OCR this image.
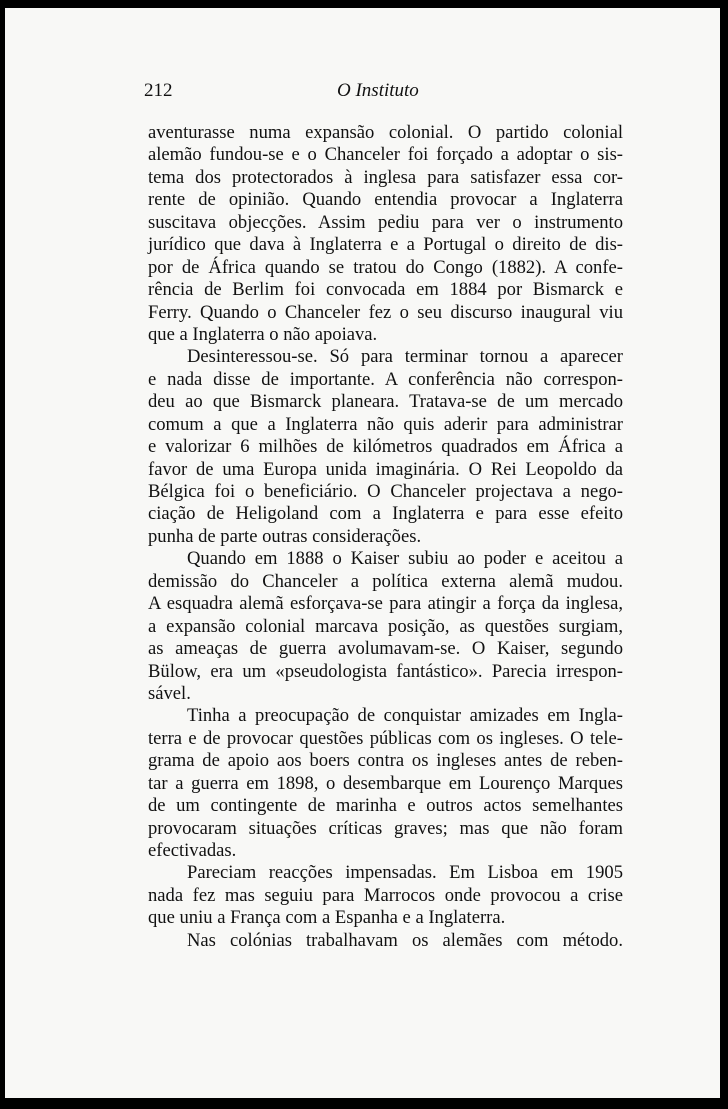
212	O Instituto
aventurasse numa expansão colonial. O partido colonial
alemão fundou-se e o Chanceler foi forçado a adoptar o sis-
tema dos protectorados à inglesa para satisfazer essa cor-
rente de opinião. Quando entendia provocar a Inglaterra
suscitava objecções. Assim pediu para ver o instrumento
jurídico que dava à Inglaterra e a Portugal o direito de dis-
por de África quando se tratou do Congo (1882). A confe-
rência de Berlim foi convocada em 1884 por Bismarck e
Ferry. Quando o Chanceler fez o seu discurso inaugural viu
que a Inglaterra o não apoiava.
Desinteressou-se. Só para terminar tornou a aparecer
e nada disse de importante. A conferência não correspon-
deu ao que Bismarck planeara. Tratava-se de um mercado
comum a que a Inglaterra não quis aderir para administrar
e valorizar 6 milhões de kilómetros quadrados em África a
favor de uma Europa unida imaginária. O Rei Leopoldo da
Bélgica foi o beneficiário. O Chanceler projectava a nego-
ciação de Heligoland com a Inglaterra e para esse efeito
punha de parte outras considerações.
Quando em 1888 o Kaiser subiu ao poder e aceitou a
demissão do Chanceler a política externa alemã mudou.
A esquadra alemã esforçava-se para atingir a força da inglesa,
a expansão colonial marcava posição, as questões surgiam,
as ameaças de guerra avolumavam-se. O Kaiser, segundo
Bülow, era um «pseudologista fantástico». Parecia irrespon-
sável.
Tinha a preocupação de conquistar amizades em Ingla-
terra e de provocar questões públicas com os ingleses. O tele-
grama de apoio aos boers contra os ingleses antes de reben-
tar a guerra em 1898, o desembarque em Lourenço Marques
de um contingente de marinha e outros actos semelhantes
provocaram situações críticas graves; mas que não foram
efectivadas.
Pareciam reacções impensadas. Em Lisboa em 1905
nada fez mas seguiu para Marrocos onde provocou a crise
que uniu a França com a Espanha e a Inglaterra.
Nas colónias trabalhavam os alemães com método.
